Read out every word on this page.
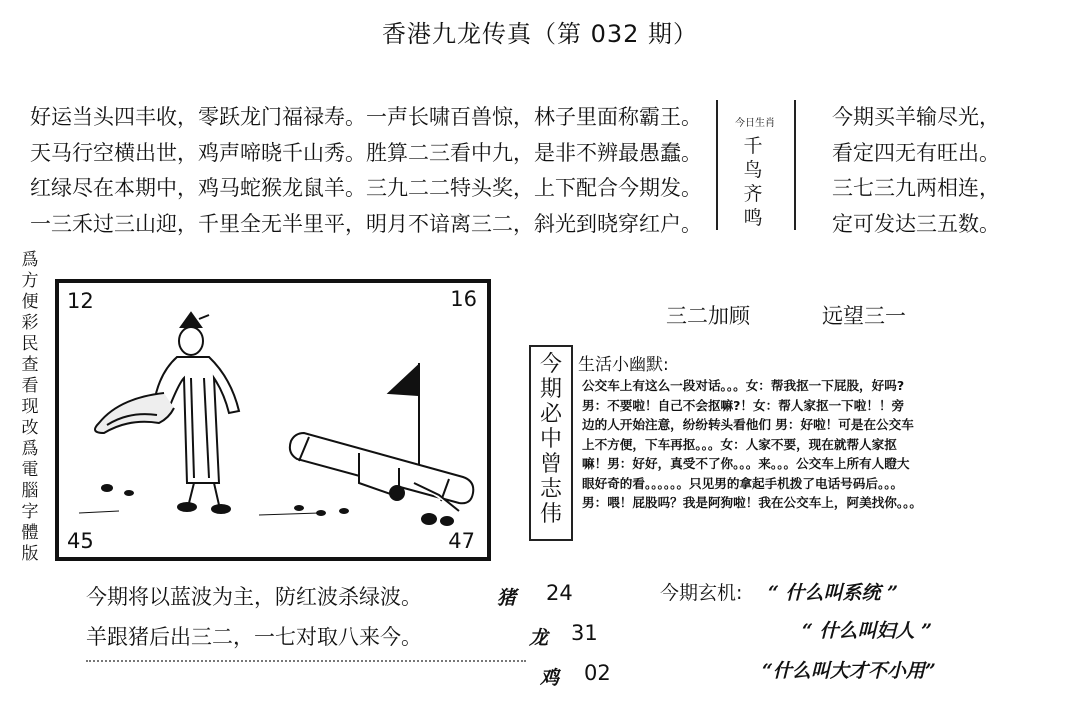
香港九龙传真（第 032 期）
好运当头四丰收，零跃龙门福禄寿。一声长啸百兽惊，林子里面称霸王。
天马行空横出世，鸡声啼晓千山秀。胜算二三看中九，是非不辨最愚蠢。
红绿尽在本期中，鸡马蛇猴龙鼠羊。三九二二特头奖，上下配合今期发。
一三禾过三山迎，千里全无半里平，明月不谙离三二，斜光到晓穿红户。
今日生肖
千
鸟
齐
鸣
今期买羊输尽光，
看定四无有旺出。
三七三九两相连，
定可发达三五数。
爲方便彩民查看现改爲電腦字體版
12	16
45	47
三二加顾	远望三一
今期必中曾志伟
生活小幽默:
公交车上有这么一段对话。。。女：帮我抠一下屁股，好吗?
男：不要啦！自己不会抠嘛?！女：帮人家抠一下啦！！旁
边的人开始注意，纷纷转头看他们 男：好啦！可是在公交车
上不方便，下车再抠。。。女：人家不要，现在就帮人家抠
嘛！男：好好，真受不了你。。。来。。。公交车上所有人瞪大
眼好奇的看。。。。。。只见男的拿起手机拨了电话号码后。。。
男：喂！屁股吗？我是阿狗啦！我在公交车上，阿美找你。。。
今期将以蓝波为主，防红波杀绿波。
羊跟猪后出三二，一七对取八来今。
猪 24
龙 31
鸡 02
今期玄机: “ 什么叫系统 ”
“ 什么叫妇人 ”
“什么叫大才不小用”
